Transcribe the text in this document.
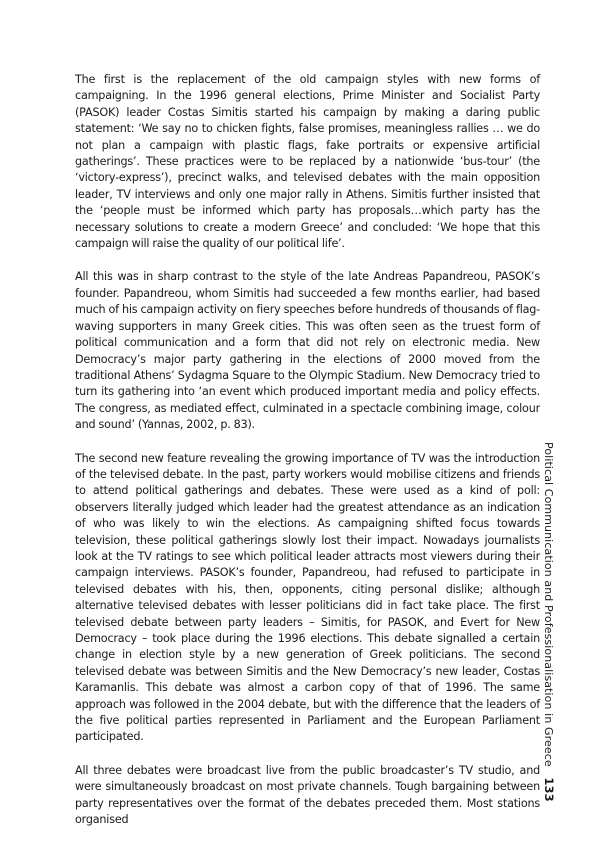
The first is the replacement of the old campaign styles with new forms of campaigning. In the 1996 general elections, Prime Minister and Socialist Party (PASOK) leader Costas Simitis started his campaign by making a daring public statement: ‘We say no to chicken fights, false promises, meaningless rallies … we do not plan a campaign with plastic flags, fake portraits or expensive artificial gatherings’. These practices were to be replaced by a nationwide ‘bus-tour’ (the ‘victory-express’), precinct walks, and televised debates with the main opposition leader, TV interviews and only one major rally in Athens. Simitis further insisted that the ‘people must be informed which party has proposals…which party has the necessary solutions to create a modern Greece’ and concluded: ‘We hope that this campaign will raise the quality of our political life’.

All this was in sharp contrast to the style of the late Andreas Papandreou, PASOK’s founder. Papandreou, whom Simitis had succeeded a few months earlier, had based much of his campaign activity on fiery speeches before hundreds of thousands of flag-waving supporters in many Greek cities. This was often seen as the truest form of political communication and a form that did not rely on electronic media. New Democracy’s major party gathering in the elections of 2000 moved from the traditional Athens’ Sydagma Square to the Olympic Stadium. New Democracy tried to turn its gathering into ‘an event which produced important media and policy effects. The congress, as mediated effect, culminated in a spectacle combining image, colour and sound’ (Yannas, 2002, p. 83).

The second new feature revealing the growing importance of TV was the introduction of the televised debate. In the past, party workers would mobilise citizens and friends to attend political gatherings and debates. These were used as a kind of poll: observers literally judged which leader had the greatest attendance as an indication of who was likely to win the elections. As campaigning shifted focus towards television, these political gatherings slowly lost their impact. Nowadays journalists look at the TV ratings to see which political leader attracts most viewers during their campaign interviews. PASOK’s founder, Papandreou, had refused to participate in televised debates with his, then, opponents, citing personal dislike; although alternative televised debates with lesser politicians did in fact take place. The first televised debate between party leaders – Simitis, for PASOK, and Evert for New Democracy – took place during the 1996 elections. This debate signalled a certain change in election style by a new generation of Greek politicians. The second televised debate was between Simitis and the New Democracy’s new leader, Costas Karamanlis. This debate was almost a carbon copy of that of 1996. The same approach was followed in the 2004 debate, but with the difference that the leaders of the five political parties represented in Parliament and the European Parliament participated.

All three debates were broadcast live from the public broadcaster’s TV studio, and were simultaneously broadcast on most private channels. Tough bargaining between party representatives over the format of the debates preceded them. Most stations organised

Political Communication and Professionalisation in Greece 133
